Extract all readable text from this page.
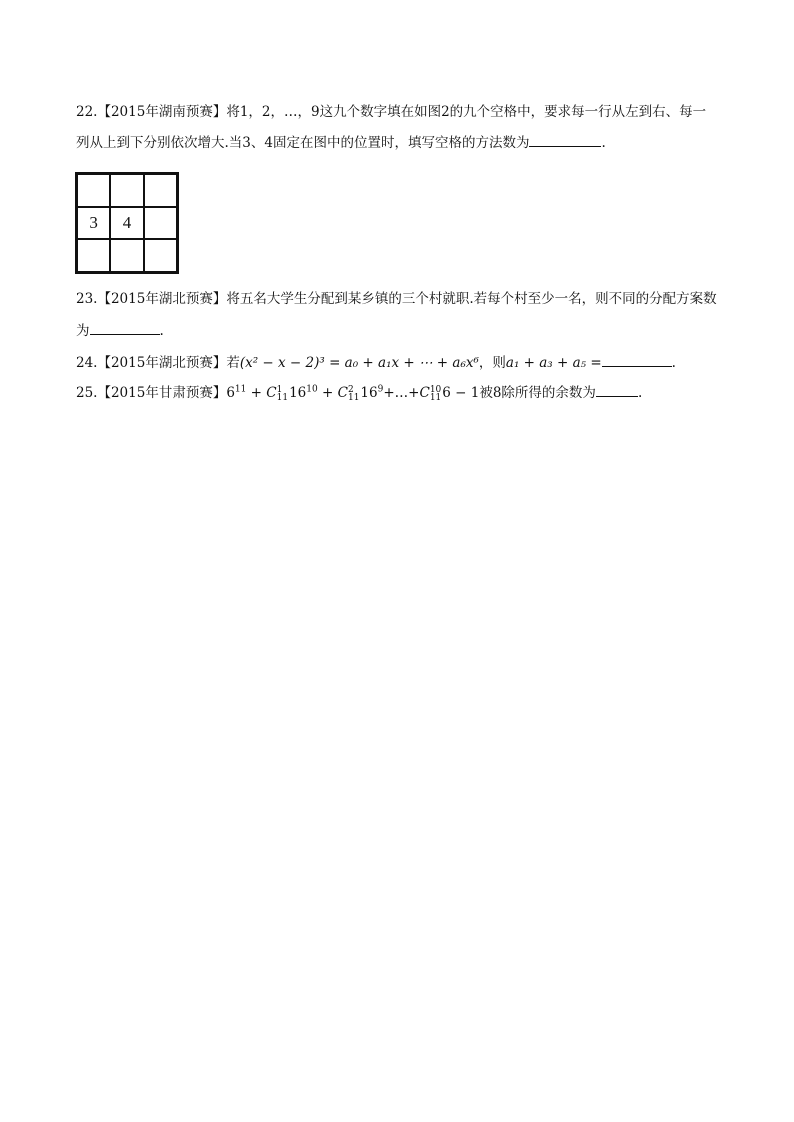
22.【2015年湖南预赛】将1，2，…，9这九个数字填在如图2的九个空格中，要求每一行从左到右、每一
列从上到下分别依次增大.当3、4固定在图中的位置时，填写空格的方法数为	.
3	4
23.【2015年湖北预赛】将五名大学生分配到某乡镇的三个村就职.若每个村至少一名，则不同的分配方案数
为	.
24.【2015年湖北预赛】若(x² − x − 2)³ = a₀ + a₁x + ⋯ + a₆x⁶，则a₁ + a₃ + a₅ =	.
25.【2015年甘肃预赛】$6^{11} + C$ 1
11 $16^{10} + C$ 2
11 $16^9+\dots+C$ 10
11 6 − 1被8除所得的余数为	.
